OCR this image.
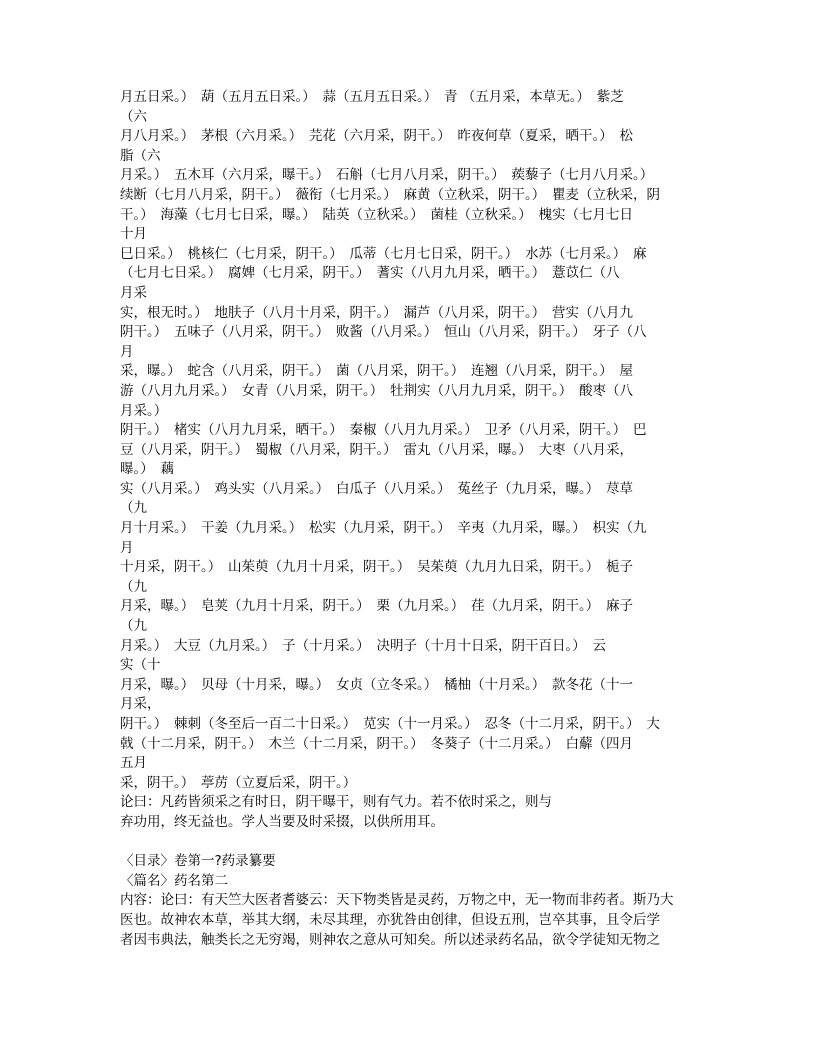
月五日采。）　葫（五月五日采。）　蒜（五月五日采。）　青 （五月采，本草无。）　紫芝
（六
月八月采。）　茅根（六月采。）　芫花（六月采，阴干。）　昨夜何草（夏采，晒干。）　松
脂（六
月采。）　五木耳（六月采，曝干。）　石斛（七月八月采，阴干。）　蒺藜子（七月八月采。）
续断（七月八月采，阴干。）　薇衔（七月采。）　麻黄（立秋采，阴干。）　瞿麦（立秋采，阴
干。）　海藻（七月七日采，曝。）　陆英（立秋采。）　菌桂（立秋采。）　槐实（七月七日
十月
巳日采。）　桃核仁（七月采，阴干。）　瓜蒂（七月七日采，阴干。）　水苏（七月采。）　麻
（七月七日采。）　腐婢（七月采，阴干。）　蓍实（八月九月采，晒干。）　薏苡仁（八
月采
实，根无时。）　地肤子（八月十月采，阴干。）　漏芦（八月采，阴干。）　营实（八月九
阴干。）　五味子（八月采，阴干。）　败酱（八月采。）　恒山（八月采，阴干。）　牙子（八
月
采，曝。）　蛇含（八月采，阴干。）　菌（八月采，阴干。）　连翘（八月采，阴干。）　屋
游（八月九月采。）　女青（八月采，阴干。）　牡荆实（八月九月采，阴干。）　酸枣（八
月采。）
阴干。）　楮实（八月九月采，晒干。）　秦椒（八月九月采。）　卫矛（八月采，阴干。）　巴
豆（八月采，阴干。）　蜀椒（八月采，阴干。）　雷丸（八月采，曝。）　大枣（八月采，
曝。）　藕
实（八月采。）　鸡头实（八月采。）　白瓜子（八月采。）　菟丝子（九月采，曝。）　荩草
（九
月十月采。）　干姜（九月采。）　松实（九月采，阴干。）　辛夷（九月采，曝。）　枳实（九
月
十月采，阴干。）　山茱萸（九月十月采，阴干。）　吴茱萸（九月九日采，阴干。）　栀子
（九
月采，曝。）　皂荚（九月十月采，阴干。）　栗（九月采。）　荏（九月采，阴干。）　麻子
（九
月采。）　大豆（九月采。）　子（十月采。）　决明子（十月十日采，阴干百日。）　云
实（十
月采，曝。）　贝母（十月采，曝。）　女贞（立冬采。）　橘柚（十月采。）　款冬花（十一
月采，
阴干。）　棘刺（冬至后一百二十日采。）　苋实（十一月采。）　忍冬（十二月采，阴干。）　大
戟（十二月采，阴干。）　木兰（十二月采，阴干。）　冬葵子（十二月采。）　白薢（四月
五月
采，阴干。）　葶苈（立夏后采，阴干。）
论曰：凡药皆须采之有时日，阴干曝干，则有气力。若不依时采之，则与
弃功用，终无益也。学人当要及时采掇，以供所用耳。
〈目录〉卷第一?药录纂要
〈篇名〉药名第二
内容：论曰：有天竺大医者耆婆云：天下物类皆是灵药，万物之中，无一物而非药者。斯乃大
医也。故神农本草，举其大纲，未尽其理，亦犹咎由创律，但设五刑，岂卒其事，且令后学
者因韦典法，触类长之无穷竭，则神农之意从可知矣。所以述录药名品，欲令学徒知无物之
